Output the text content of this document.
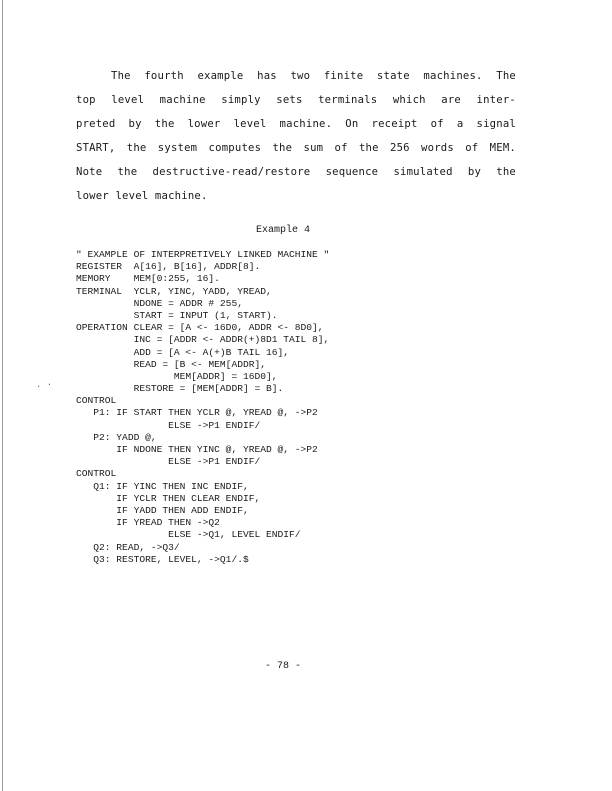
The fourth example has two finite state machines. The
top level machine simply sets terminals which are inter-
preted by the lower level machine. On receipt of a signal
START, the system computes the sum of the 256 words of MEM.
Note the destructive-read/restore sequence simulated by the
lower level machine.
Example 4
" EXAMPLE OF INTERPRETIVELY LINKED MACHINE "
REGISTER  A[16], B[16], ADDR[8].
MEMORY    MEM[0:255, 16].
TERMINAL  YCLR, YINC, YADD, YREAD,
NDONE = ADDR # 255,
START = INPUT (1, START).
OPERATION CLEAR = [A <- 16D0, ADDR <- 8D0],
INC = [ADDR <- ADDR(+)8D1 TAIL 8],
ADD = [A <- A(+)B TAIL 16],
READ = [B <- MEM[ADDR],
MEM[ADDR] = 16D0],
RESTORE = [MEM[ADDR] = B].
CONTROL
P1: IF START THEN YCLR @, YREAD @, ->P2
ELSE ->P1 ENDIF/
P2: YADD @,
IF NDONE THEN YINC @, YREAD @, ->P2
ELSE ->P1 ENDIF/
CONTROL
Q1: IF YINC THEN INC ENDIF,
IF YCLR THEN CLEAR ENDIF,
IF YADD THEN ADD ENDIF,
IF YREAD THEN ->Q2
ELSE ->Q1, LEVEL ENDIF/
Q2: READ, ->Q3/
Q3: RESTORE, LEVEL, ->Q1/.$
. ·
- 78 -
